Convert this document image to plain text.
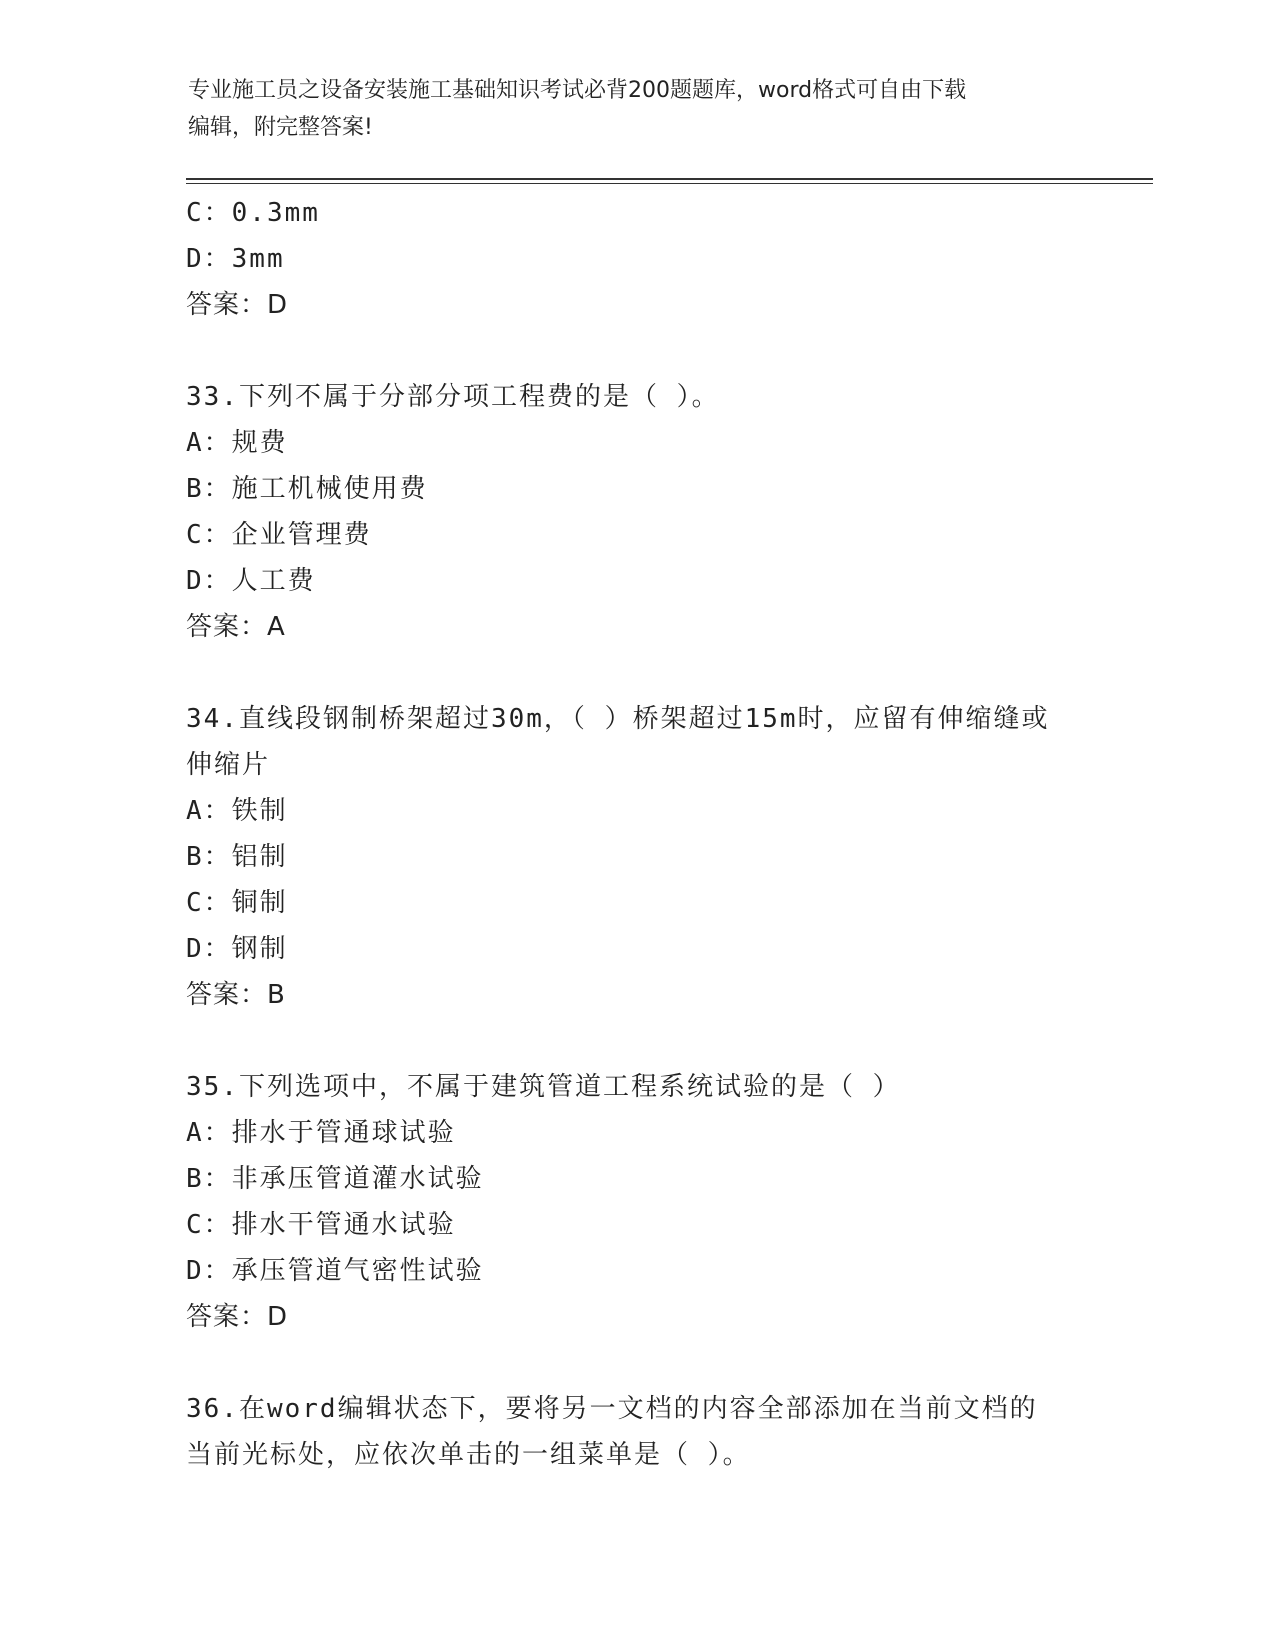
专业施工员之设备安装施工基础知识考试必背200题题库，word格式可自由下载
编辑，附完整答案!
C：0.3mm
D：3mm
答案：D
33.下列不属于分部分项工程费的是（ ）。
A：规费
B：施工机械使用费
C：企业管理费
D：人工费
答案：A
34.直线段钢制桥架超过30m，（ ）桥架超过15m时，应留有伸缩缝或
伸缩片
A：铁制
B：铝制
C：铜制
D：钢制
答案：B
35.下列选项中，不属于建筑管道工程系统试验的是（ ）
A：排水于管通球试验
B：非承压管道灌水试验
C：排水干管通水试验
D：承压管道气密性试验
答案：D
36.在word编辑状态下，要将另一文档的内容全部添加在当前文档的
当前光标处，应依次单击的一组菜单是（ ）。
